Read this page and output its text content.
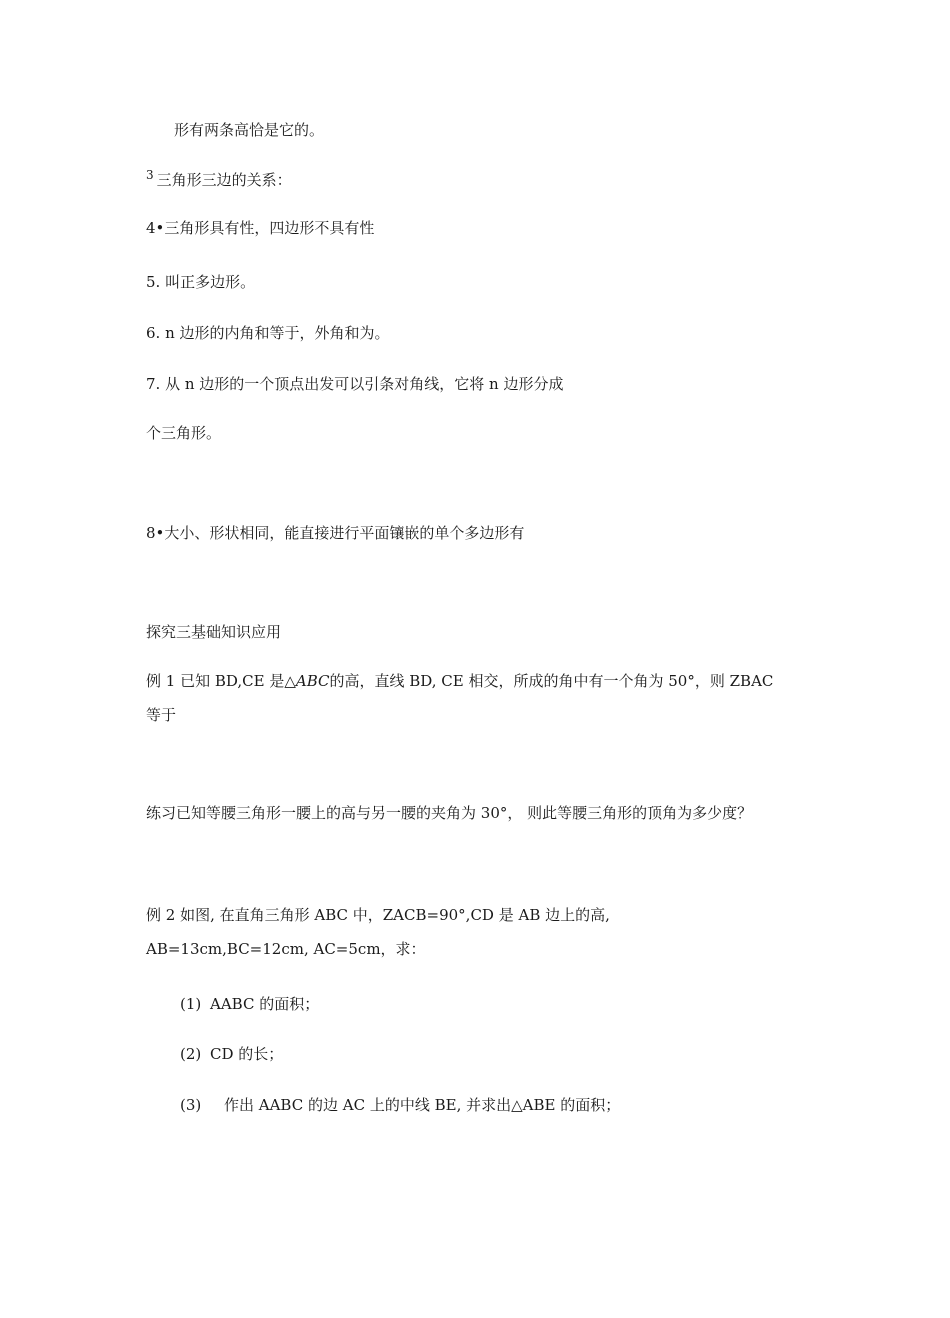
形有两条高恰是它的。
$^3$ 三角形三边的关系：
4•三角形具有性，四边形不具有性
5. 叫正多边形。
6. n 边形的内角和等于，外角和为。
7. 从 n 边形的一个顶点出发可以引条对角线，它将 n 边形分成
个三角形。
8•大小、形状相同，能直接进行平面镶嵌的单个多边形有
探究三基础知识应用
例 1 已知 BD,CE 是△ABC的高，直线 BD, CE 相交，所成的角中有一个角为 50°，则 ZBAC
等于
练习已知等腰三角形一腰上的高与另一腰的夹角为 30°， 则此等腰三角形的顶角为多少度？
例 2 如图, 在直角三角形 ABC 中，ZACB=90°,CD 是 AB 边上的高,
AB=13cm,BC=12cm, AC=5cm，求：
(1) AABC 的面积；
(2) CD 的长；
(3) 作出 AABC 的边 AC 上的中线 BE, 并求出△ABE 的面积；
